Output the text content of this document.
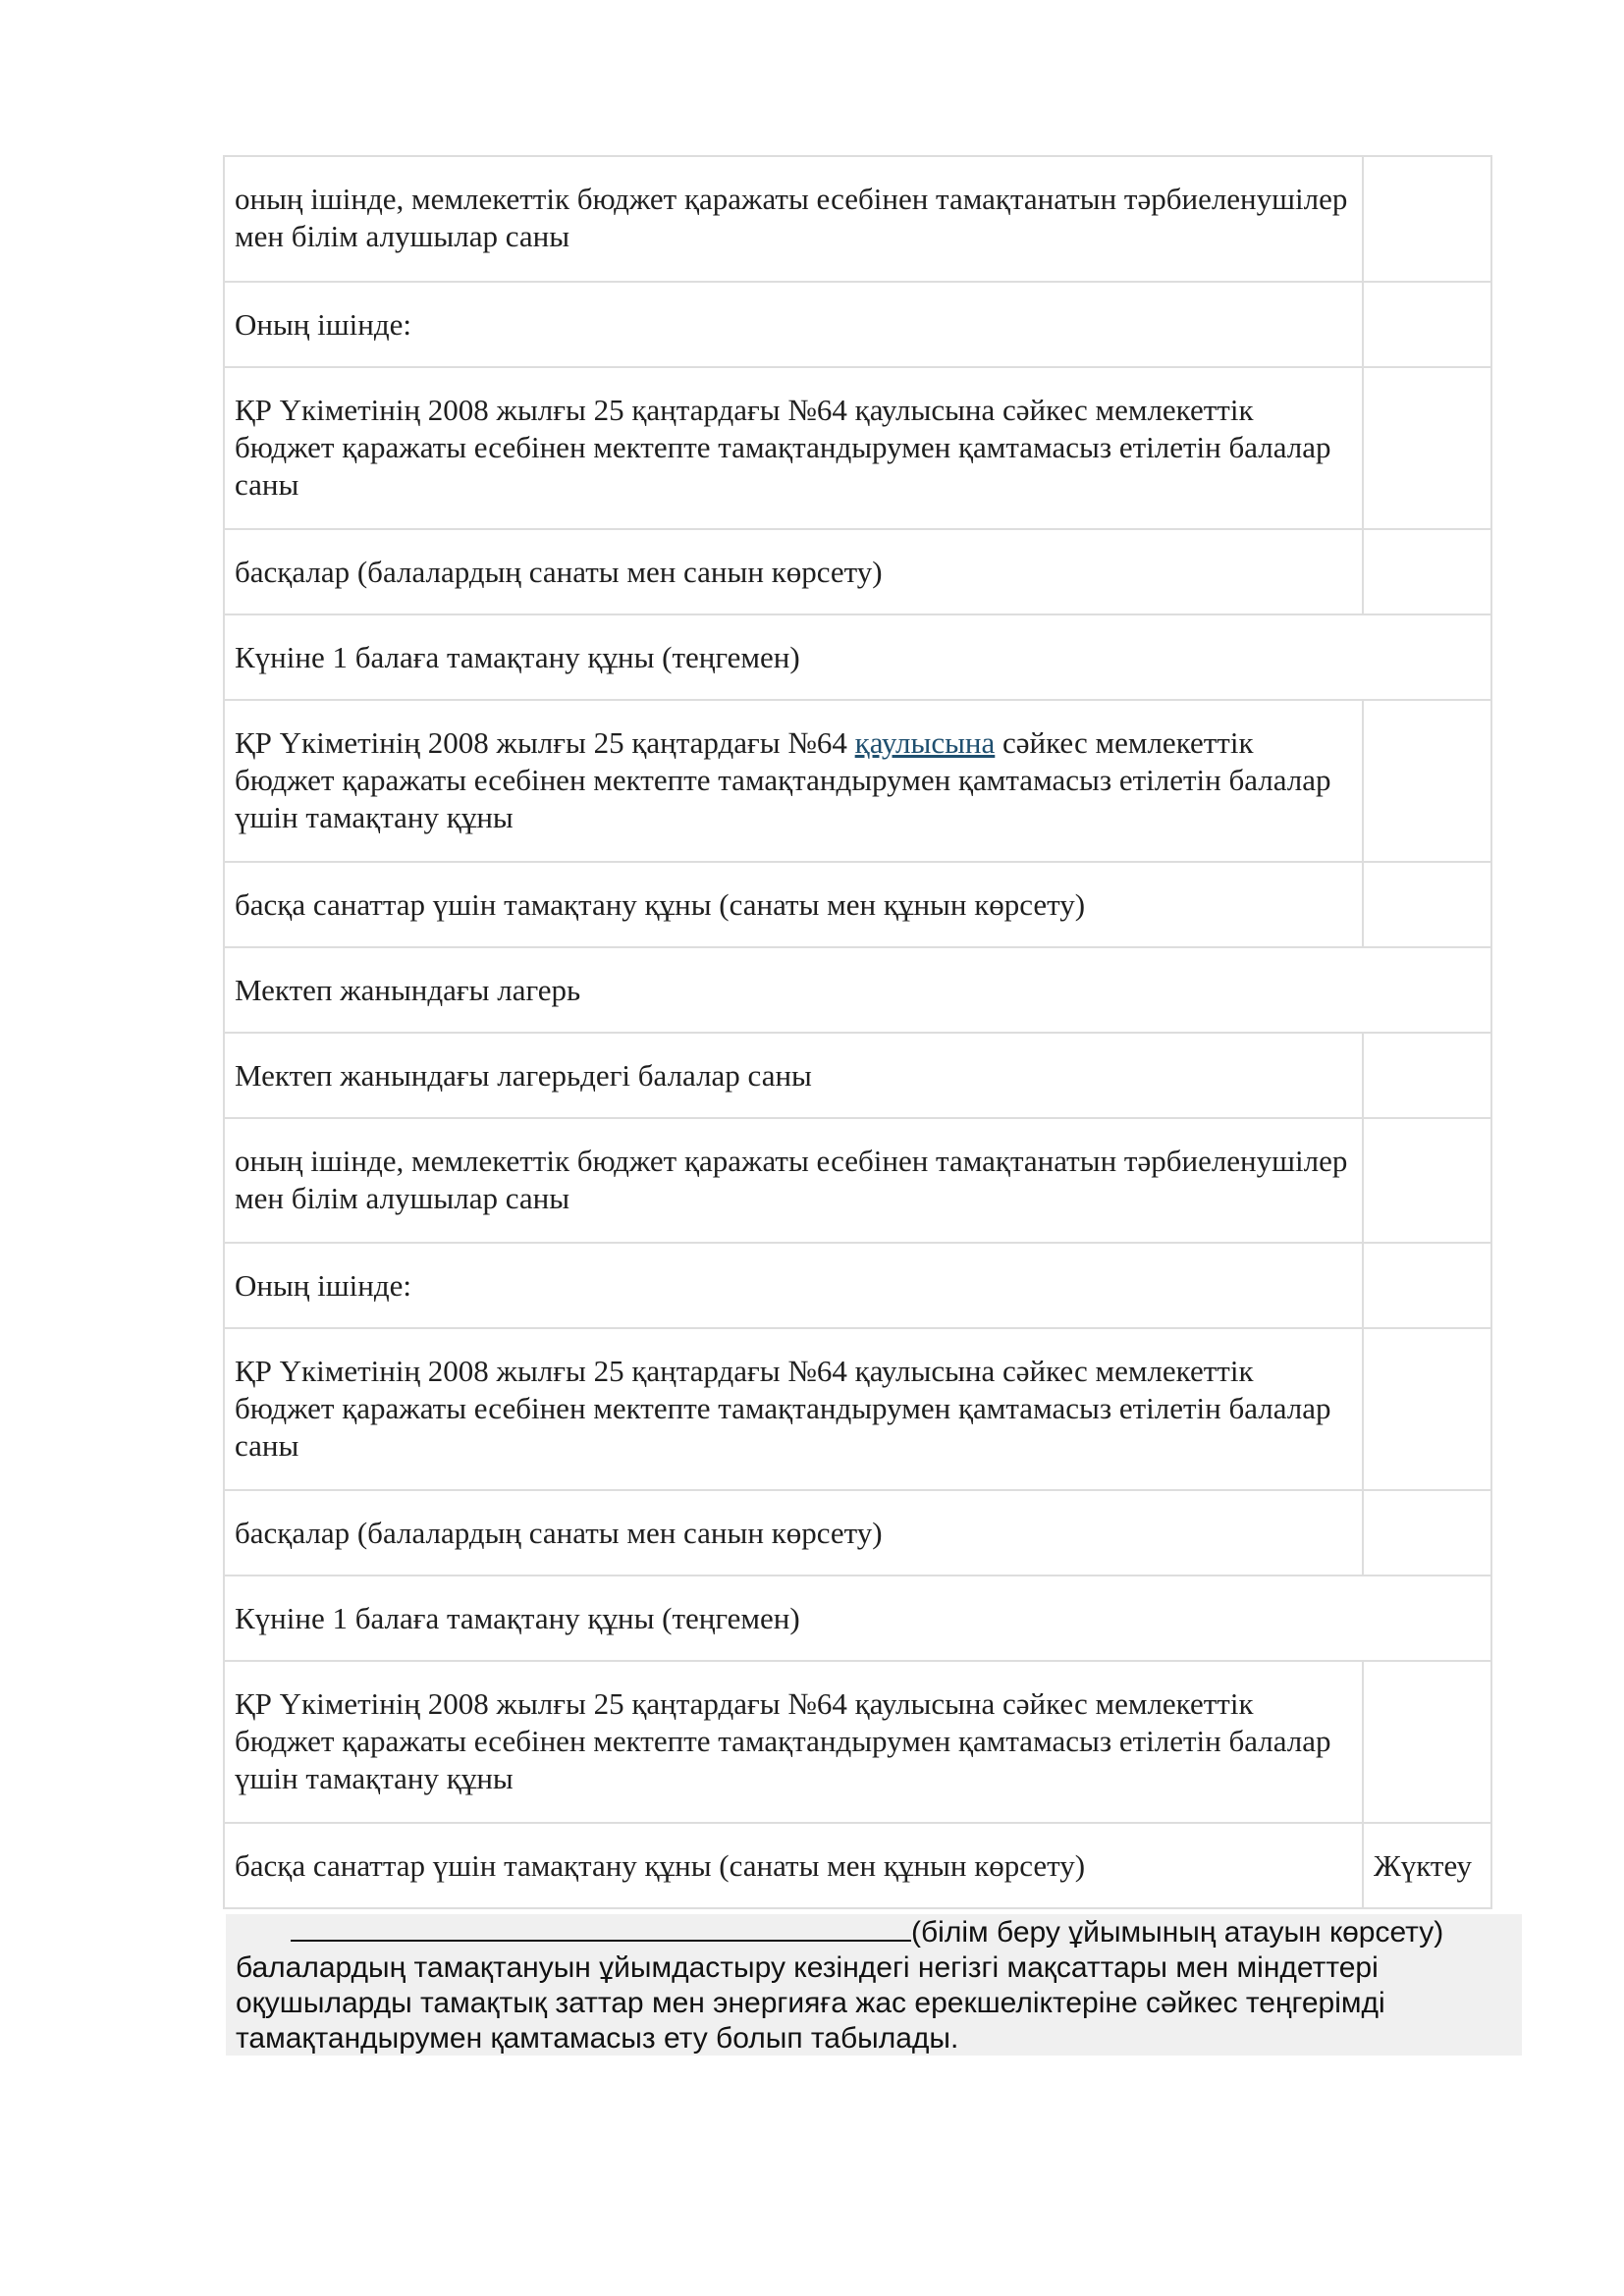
оның ішінде, мемлекеттік бюджет қаражаты есебінен тамақтанатын тәрбиеленушілер мен білім алушылар саны	

Оның ішінде:	

ҚР Үкіметінің 2008 жылғы 25 қаңтардағы №64 қаулысына сәйкес мемлекеттік бюджет қаражаты есебінен мектепте тамақтандырумен қамтамасыз етілетін балалар саны	

басқалар (балалардың санаты мен санын көрсету)	

Күніне 1 балаға тамақтану құны (теңгемен)	

ҚР Үкіметінің 2008 жылғы 25 қаңтардағы №64 қаулысына сәйкес мемлекеттік бюджет қаражаты есебінен мектепте тамақтандырумен қамтамасыз етілетін балалар үшін тамақтану құны	

басқа санаттар үшін тамақтану құны (санаты мен құнын көрсету)	

Мектеп жанындағы лагерь	

Мектеп жанындағы лагерьдегі балалар саны	

оның ішінде, мемлекеттік бюджет қаражаты есебінен тамақтанатын тәрбиеленушілер мен білім алушылар саны	

Оның ішінде:	

ҚР Үкіметінің 2008 жылғы 25 қаңтардағы №64 қаулысына сәйкес мемлекеттік бюджет қаражаты есебінен мектепте тамақтандырумен қамтамасыз етілетін балалар саны	

басқалар (балалардың санаты мен санын көрсету)	

Күніне 1 балаға тамақтану құны (теңгемен)	

ҚР Үкіметінің 2008 жылғы 25 қаңтардағы №64 қаулысына сәйкес мемлекеттік бюджет қаражаты есебінен мектепте тамақтандырумен қамтамасыз етілетін балалар үшін тамақтану құны	

басқа санаттар үшін тамақтану құны (санаты мен құнын көрсету)	Жүктеу
(білім беру ұйымының атауын көрсету)
балалардың тамақтануын ұйымдастыру кезіндегі негізгі мақсаттары мен міндеттері оқушыларды тамақтық заттар мен энергияға жас ерекшеліктеріне сәйкес теңгерімді тамақтандырумен қамтамасыз ету болып табылады.
